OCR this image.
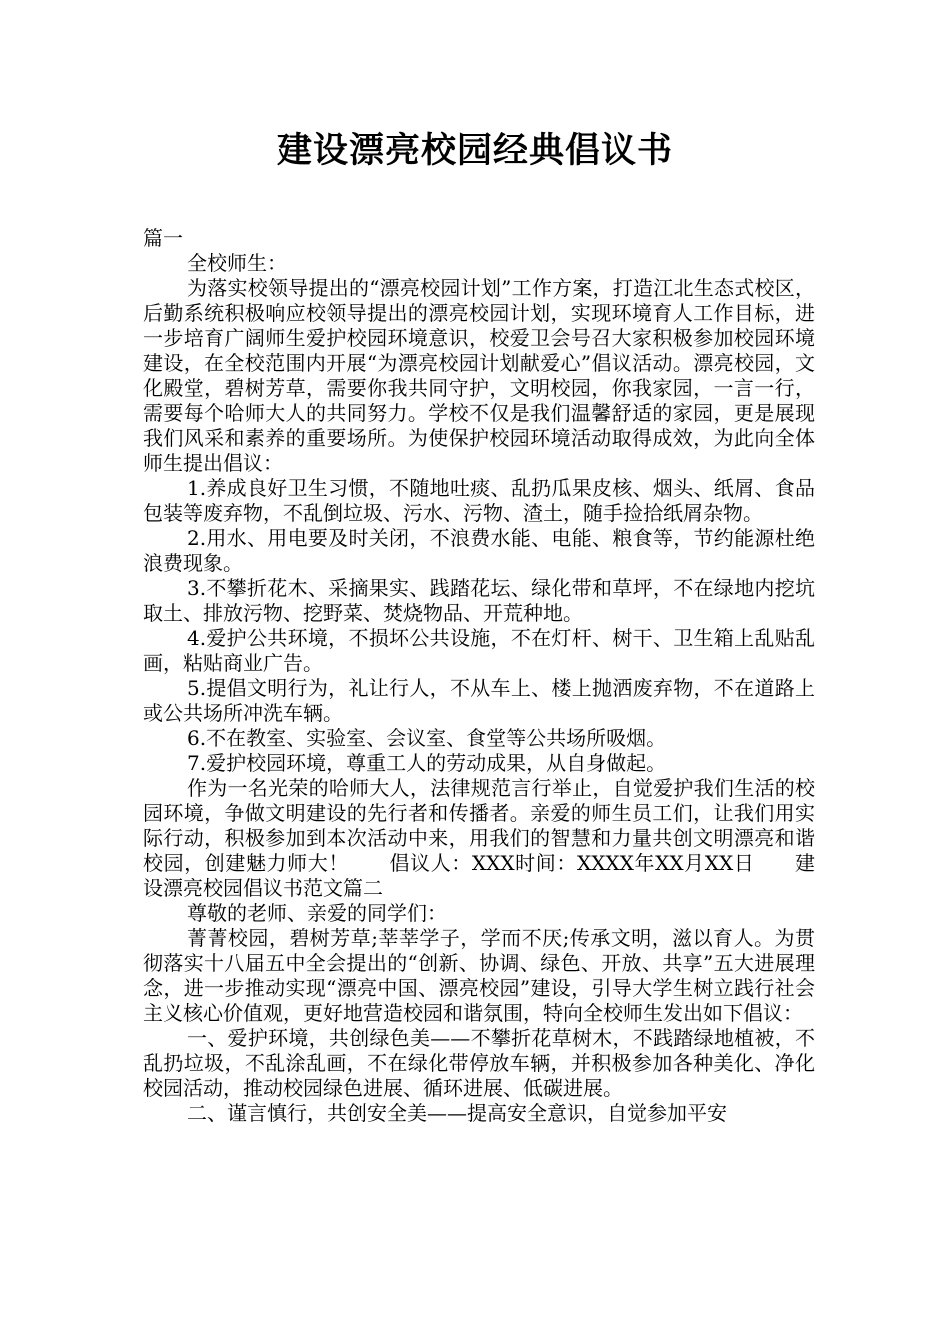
建设漂亮校园经典倡议书

篇一

全校师生：

为落实校领导提出的“漂亮校园计划”工作方案，打造江北生态式校区，后勤系统积极响应校领导提出的漂亮校园计划，实现环境育人工作目标，进一步培育广阔师生爱护校园环境意识，校爱卫会号召大家积极参加校园环境建设，在全校范围内开展“为漂亮校园计划献爱心”倡议活动。漂亮校园，文化殿堂，碧树芳草，需要你我共同守护，文明校园，你我家园，一言一行，需要每个哈师大人的共同努力。学校不仅是我们温馨舒适的家园，更是展现我们风采和素养的重要场所。为使保护校园环境活动取得成效，为此向全体师生提出倡议：

1.养成良好卫生习惯，不随地吐痰、乱扔瓜果皮核、烟头、纸屑、食品包装等废弃物，不乱倒垃圾、污水、污物、渣土，随手捡拾纸屑杂物。

2.用水、用电要及时关闭，不浪费水能、电能、粮食等，节约能源杜绝浪费现象。

3.不攀折花木、采摘果实、践踏花坛、绿化带和草坪，不在绿地内挖坑取土、排放污物、挖野菜、焚烧物品、开荒种地。

4.爱护公共环境，不损坏公共设施，不在灯杆、树干、卫生箱上乱贴乱画，粘贴商业广告。

5.提倡文明行为，礼让行人，不从车上、楼上抛洒废弃物，不在道路上或公共场所冲洗车辆。

6.不在教室、实验室、会议室、食堂等公共场所吸烟。

7.爱护校园环境，尊重工人的劳动成果，从自身做起。

作为一名光荣的哈师大人，法律规范言行举止，自觉爱护我们生活的校园环境，争做文明建设的先行者和传播者。亲爱的师生员工们，让我们用实际行动，积极参加到本次活动中来，用我们的智慧和力量共创文明漂亮和谐校园，创建魅力师大！ 倡议人：XXX时间：XXXX年XX月XX日 建设漂亮校园倡议书范文篇二

尊敬的老师、亲爱的同学们：

菁菁校园，碧树芳草;莘莘学子，学而不厌;传承文明，滋以育人。为贯彻落实十八届五中全会提出的“创新、协调、绿色、开放、共享”五大进展理念，进一步推动实现“漂亮中国、漂亮校园”建设，引导大学生树立践行社会主义核心价值观，更好地营造校园和谐氛围，特向全校师生发出如下倡议：

一、爱护环境，共创绿色美——不攀折花草树木，不践踏绿地植被，不乱扔垃圾，不乱涂乱画，不在绿化带停放车辆，并积极参加各种美化、净化校园活动，推动校园绿色进展、循环进展、低碳进展。

二、谨言慎行，共创安全美——提高安全意识，自觉参加平安
